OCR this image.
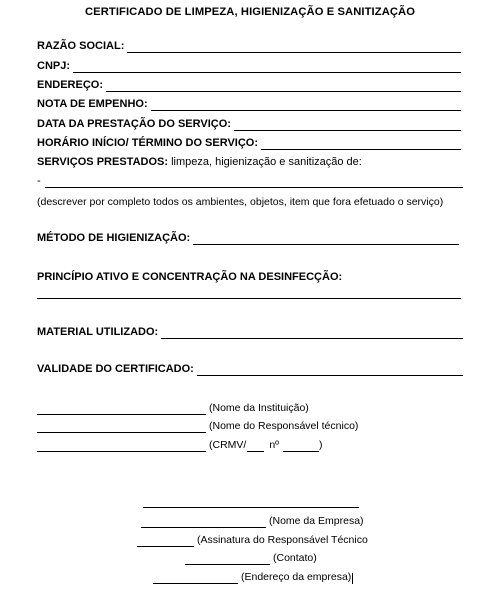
CERTIFICADO DE LIMPEZA, HIGIENIZAÇÃO E SANITIZAÇÃO
RAZÃO SOCIAL:
CNPJ:
ENDEREÇO:
NOTA DE EMPENHO:
DATA DA PRESTAÇÃO DO SERVIÇO:
HORÁRIO INÍCIO/ TÉRMINO DO SERVIÇO:
SERVIÇOS PRESTADOS: limpeza, higienização e sanitização de:
-
(descrever por completo todos os ambientes, objetos, item que fora efetuado o serviço)
MÉTODO DE HIGIENIZAÇÃO:
PRINCÍPIO ATIVO E CONCENTRAÇÃO NA DESINFECÇÃO:
MATERIAL UTILIZADO:
VALIDADE DO CERTIFICADO:
(Nome da Instituição)
(Nome do Responsável técnico)
(CRMV/ nº	)
(Nome da Empresa)
(Assinatura do Responsável Técnico
(Contato)
(Endereço da empresa)
